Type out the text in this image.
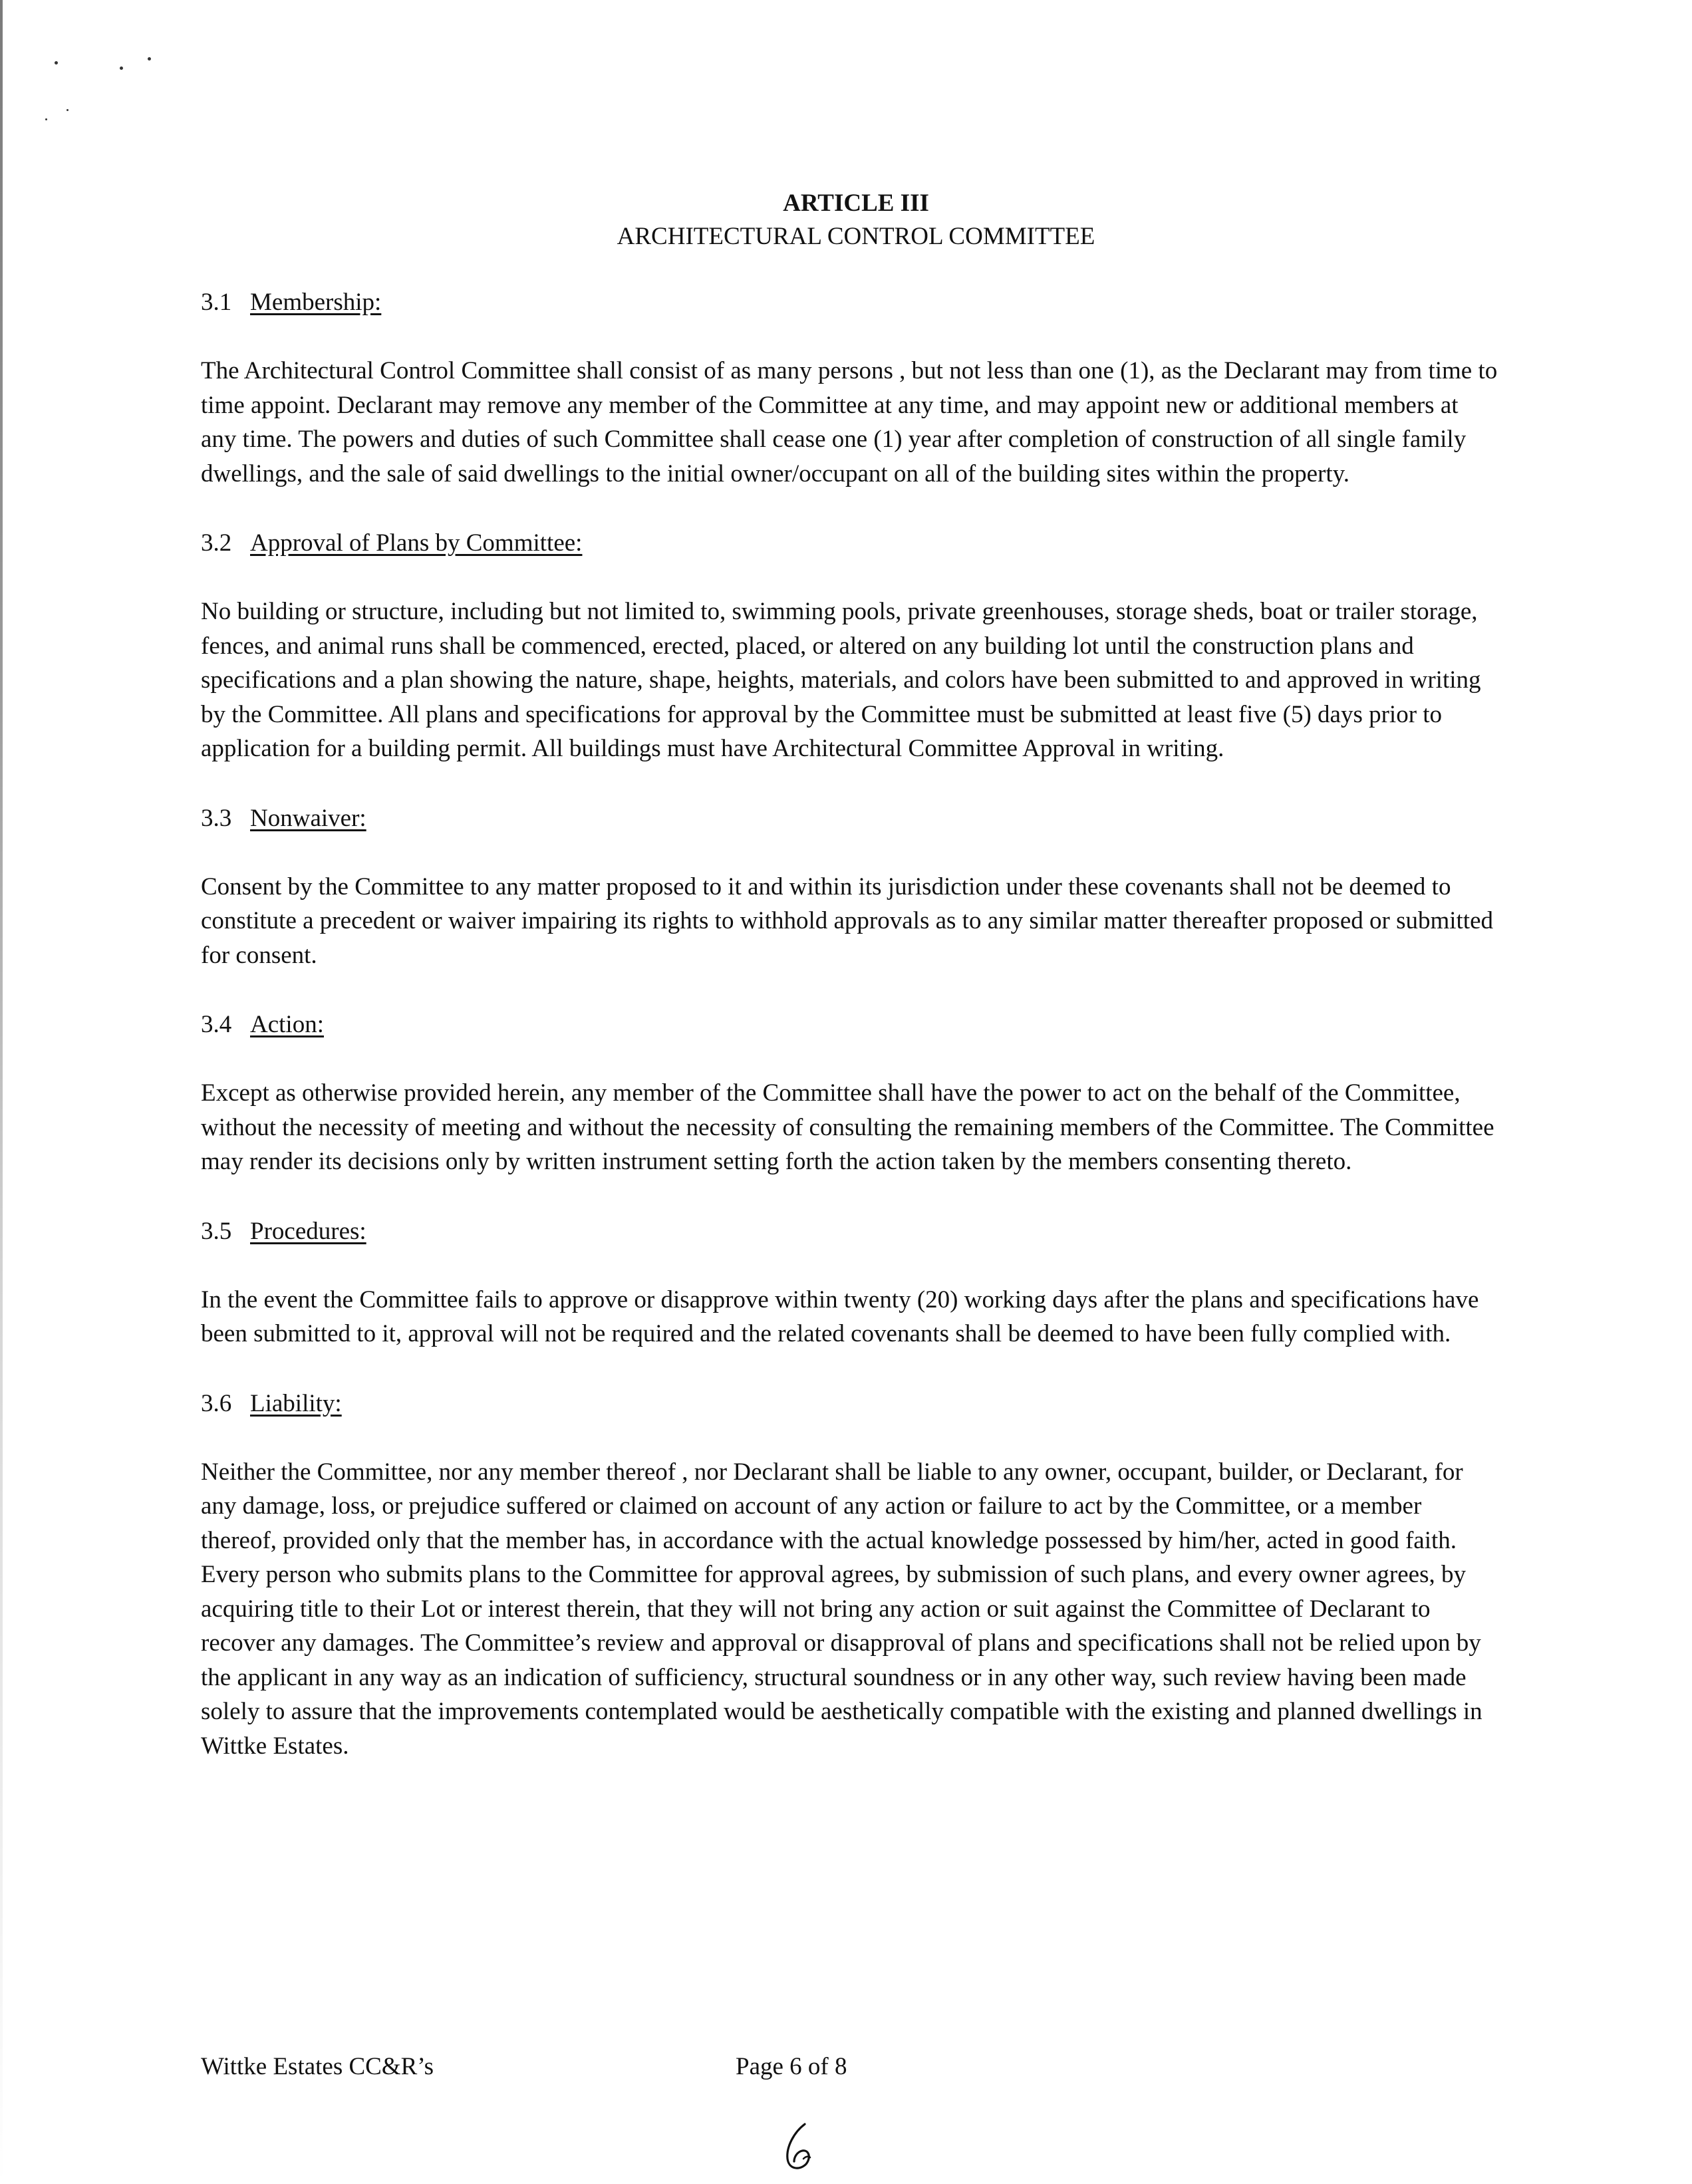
ARTICLE III
ARCHITECTURAL CONTROL COMMITTEE
3.1 Membership:

The Architectural Control Committee shall consist of as many persons , but not less than one (1), as the Declarant may from time to time appoint. Declarant may remove any member of the Committee at any time, and may appoint new or additional members at any time. The powers and duties of such Committee shall cease one (1) year after completion of construction of all single family dwellings, and the sale of said dwellings to the initial owner/occupant on all of the building sites within the property.

3.2 Approval of Plans by Committee:

No building or structure, including but not limited to, swimming pools, private greenhouses, storage sheds, boat or trailer storage, fences, and animal runs shall be commenced, erected, placed, or altered on any building lot until the construction plans and specifications and a plan showing the nature, shape, heights, materials, and colors have been submitted to and approved in writing by the Committee. All plans and specifications for approval by the Committee must be submitted at least five (5) days prior to application for a building permit. All buildings must have Architectural Committee Approval in writing.

3.3 Nonwaiver:

Consent by the Committee to any matter proposed to it and within its jurisdiction under these covenants shall not be deemed to constitute a precedent or waiver impairing its rights to withhold approvals as to any similar matter thereafter proposed or submitted for consent.

3.4 Action:

Except as otherwise provided herein, any member of the Committee shall have the power to act on the behalf of the Committee, without the necessity of meeting and without the necessity of consulting the remaining members of the Committee. The Committee may render its decisions only by written instrument setting forth the action taken by the members consenting thereto.

3.5 Procedures:

In the event the Committee fails to approve or disapprove within twenty (20) working days after the plans and specifications have been submitted to it, approval will not be required and the related covenants shall be deemed to have been fully complied with.

3.6 Liability:

Neither the Committee, nor any member thereof , nor Declarant shall be liable to any owner, occupant, builder, or Declarant, for any damage, loss, or prejudice suffered or claimed on account of any action or failure to act by the Committee, or a member thereof, provided only that the member has, in accordance with the actual knowledge possessed by him/her, acted in good faith. Every person who submits plans to the Committee for approval agrees, by submission of such plans, and every owner agrees, by acquiring title to their Lot or interest therein, that they will not bring any action or suit against the Committee of Declarant to recover any damages. The Committee’s review and approval or disapproval of plans and specifications shall not be relied upon by the applicant in any way as an indication of sufficiency, structural soundness or in any other way, such review having been made solely to assure that the improvements contemplated would be aesthetically compatible with the existing and planned dwellings in Wittke Estates.

Wittke Estates CC&R’s	Page 6 of 8
